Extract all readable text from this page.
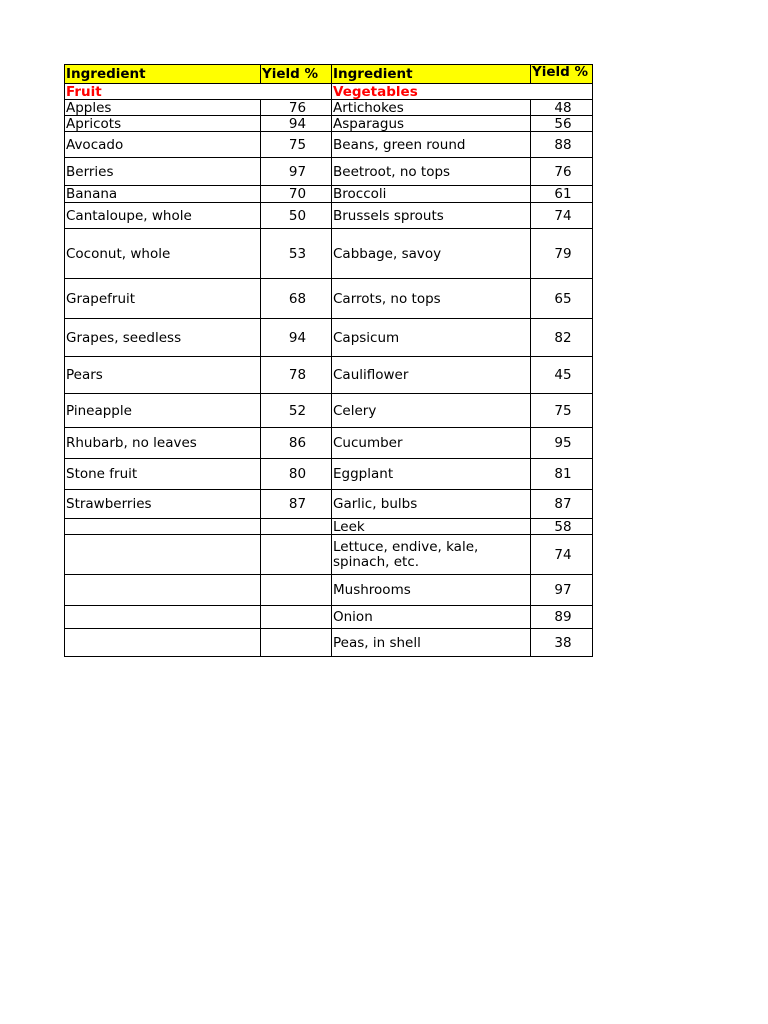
Ingredient	Yield %	Ingredient	Yield %
Fruit		Vegetables	
Apples	76	Artichokes	48
Apricots	94	Asparagus	56
Avocado	75	Beans, green round	88
Berries	97	Beetroot, no tops	76
Banana	70	Broccoli	61
Cantaloupe, whole	50	Brussels sprouts	74
Coconut, whole	53	Cabbage, savoy	79
Grapefruit	68	Carrots, no tops	65
Grapes, seedless	94	Capsicum	82
Pears	78	Cauliflower	45
Pineapple	52	Celery	75
Rhubarb, no leaves	86	Cucumber	95
Stone fruit	80	Eggplant	81
Strawberries	87	Garlic, bulbs	87
		Leek	58
		Lettuce, endive, kale, spinach, etc.	74
		Mushrooms	97
		Onion	89
		Peas, in shell	38
